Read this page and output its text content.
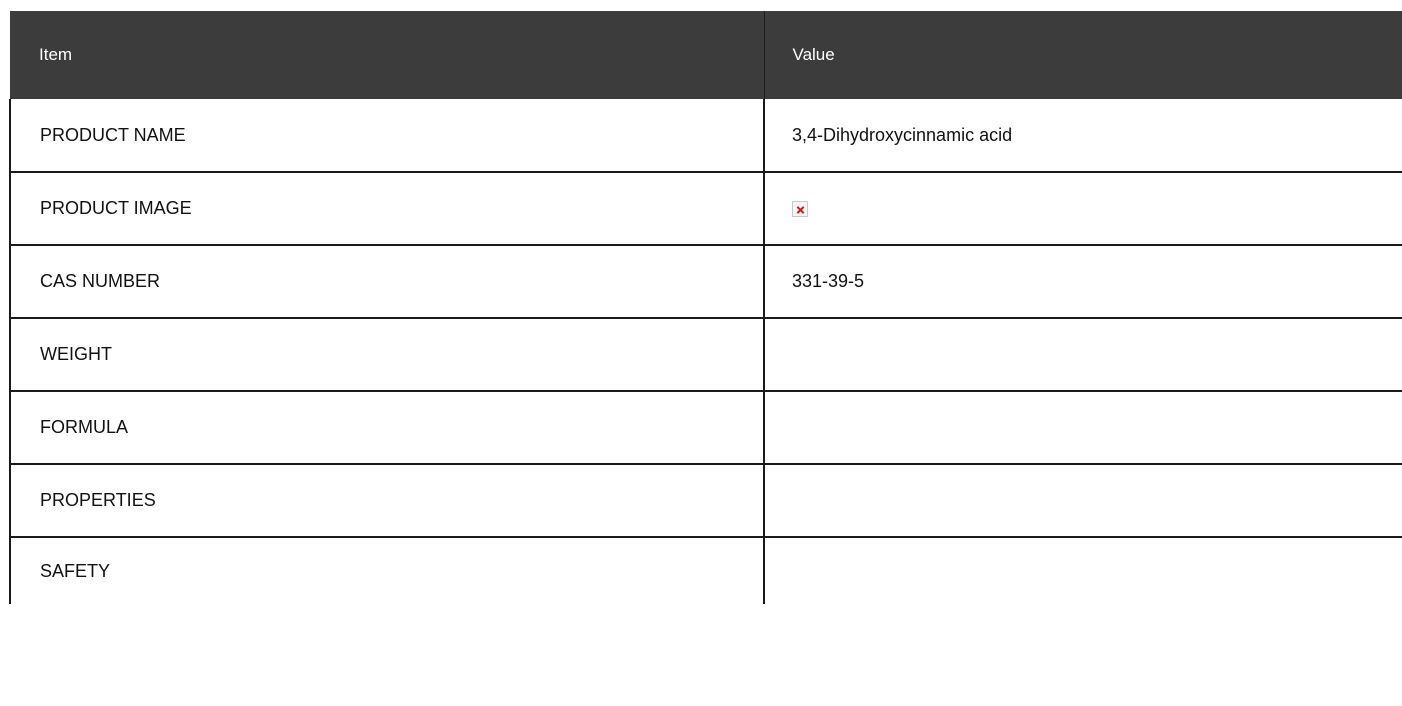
Item	Value
PRODUCT NAME	3,4-Dihydroxycinnamic acid
PRODUCT IMAGE	
CAS NUMBER	331-39-5
WEIGHT	
FORMULA	
PROPERTIES	
SAFETY	
